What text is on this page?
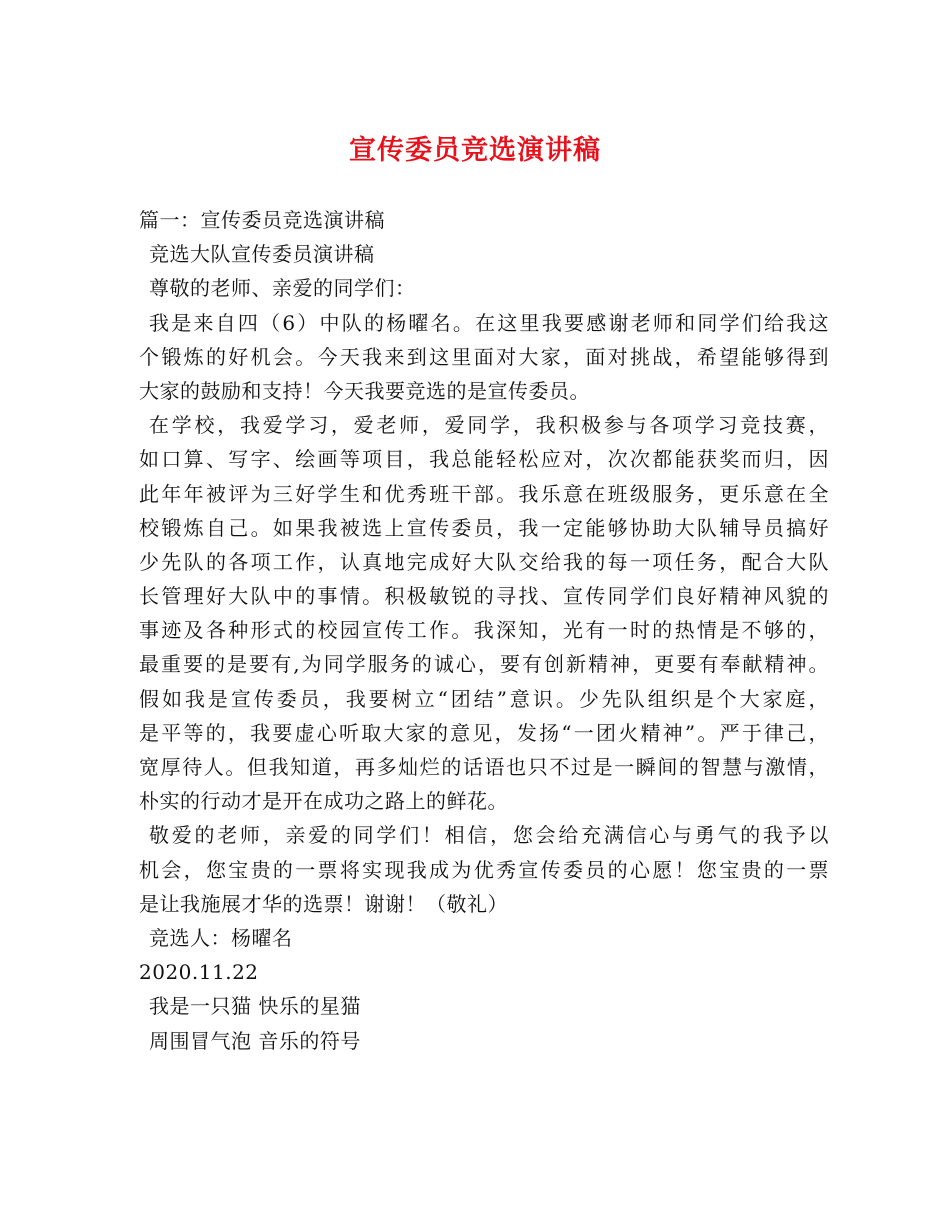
宣传委员竞选演讲稿
篇一：宣传委员竞选演讲稿
竞选大队宣传委员演讲稿
尊敬的老师、亲爱的同学们：
我是来自四（6）中队的杨曜名。在这里我要感谢老师和同学们给我这
个锻炼的好机会。今天我来到这里面对大家，面对挑战，希望能够得到
大家的鼓励和支持！今天我要竞选的是宣传委员。
在学校，我爱学习，爱老师，爱同学，我积极参与各项学习竞技赛，
如口算、写字、绘画等项目，我总能轻松应对，次次都能获奖而归，因
此年年被评为三好学生和优秀班干部。我乐意在班级服务，更乐意在全
校锻炼自己。如果我被选上宣传委员，我一定能够协助大队辅导员搞好
少先队的各项工作，认真地完成好大队交给我的每一项任务，配合大队
长管理好大队中的事情。积极敏锐的寻找、宣传同学们良好精神风貌的
事迹及各种形式的校园宣传工作。我深知，光有一时的热情是不够的，
最重要的是要有,为同学服务的诚心，要有创新精神，更要有奉献精神。
假如我是宣传委员，我要树立“团结”意识。少先队组织是个大家庭，
是平等的，我要虚心听取大家的意见，发扬“一团火精神”。严于律己，
宽厚待人。但我知道，再多灿烂的话语也只不过是一瞬间的智慧与激情，
朴实的行动才是开在成功之路上的鲜花。
敬爱的老师，亲爱的同学们！相信，您会给充满信心与勇气的我予以
机会，您宝贵的一票将实现我成为优秀宣传委员的心愿！您宝贵的一票
是让我施展才华的选票！谢谢！（敬礼）
竞选人：杨曜名
2020.11.22
我是一只猫 快乐的星猫
周围冒气泡 音乐的符号
